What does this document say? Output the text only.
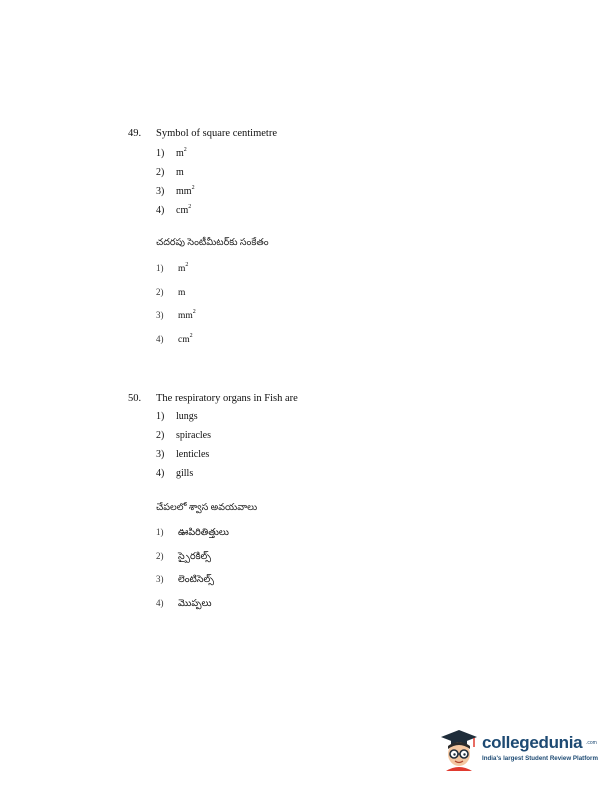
49. Symbol of square centimetre
1) $m^2$
2) m
3) $mm^2$
4) $cm^2$
చదరపు సెంటీమీటర్‌కు సంకేతం
1) $m^2$
2) m
3) $mm^2$
4) $cm^2$
50. The respiratory organs in Fish are
1) lungs
2) spiracles
3) lenticles
4) gills
చేపలలో శ్వాస అవయవాలు
1) ఊపిరితిత్తులు
2) స్పైరకిల్స్
3) లెంటిసెల్స్
4) మొప్పలు
collegedunia .com
India's largest Student Review Platform
